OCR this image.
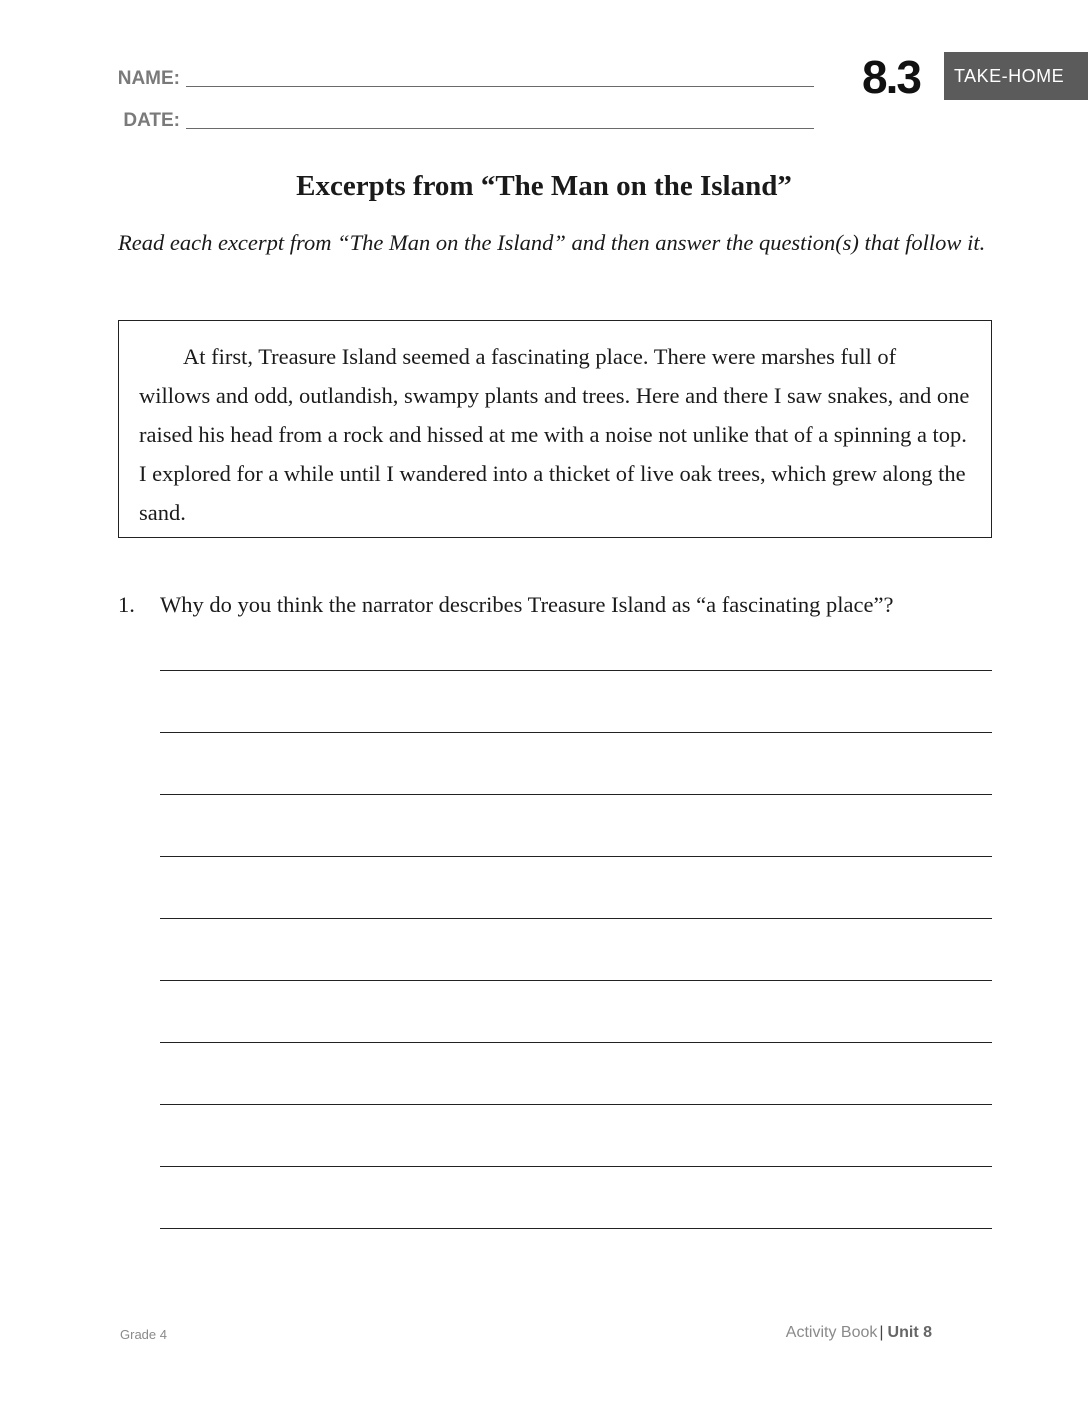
NAME:
DATE:
8.3	TAKE-HOME
Excerpts from “The Man on the Island”
Read each excerpt from “The Man on the Island” and then answer the question(s) that follow it.

At first, Treasure Island seemed a fascinating place. There were marshes full of willows and odd, outlandish, swampy plants and trees. Here and there I saw snakes, and one raised his head from a rock and hissed at me with a noise not unlike that of a spinning a top. I explored for a while until I wandered into a thicket of live oak trees, which grew along the sand.

1. Why do you think the narrator describes Treasure Island as “a fascinating place”?
Grade 4	Activity Book | Unit 8
